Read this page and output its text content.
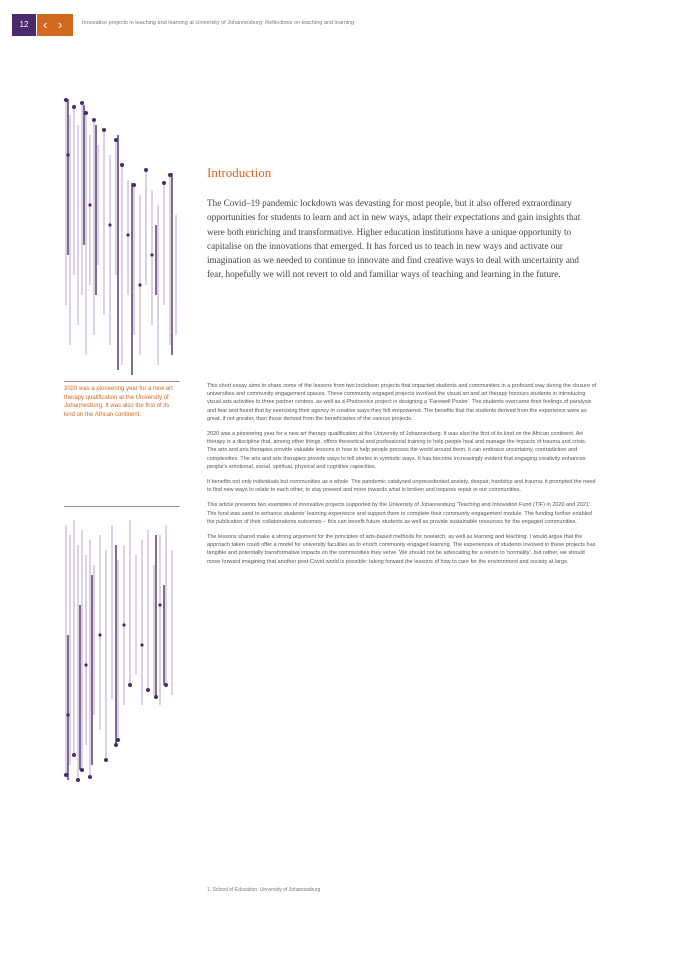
12	‹ ›	Innovative projects in teaching and learning at University of Johannesburg: Reflections on teaching and learning
2020 was a pioneering year for a new art therapy qualification at the University of Johannesburg. It was also the first of its kind on the African continent.
Introduction
The Covid–19 pandemic lockdown was devasting for most people, but it also offered extraordinary opportunities for students to learn and act in new ways, adapt their expectations and gain insights that were both enriching and transformative. Higher education institutions have a unique opportunity to capitalise on the innovations that emerged. It has forced us to teach in new ways and activate our imagination as we needed to continue to innovate and find creative ways to deal with uncertainty and fear, hopefully we will not revert to old and familiar ways of teaching and learning in the future.

This short essay aims to share some of the lessons from two lockdown projects that impacted students and communities in a profound way during the closure of universities and community engagement spaces. These community engaged projects involved the visual art and art therapy honours students in introducing visual arts activities to three partner centres, as well as a Photovoice project in designing a 'Farewell Poster'. The students overcame their feelings of paralysis and fear and found that by exercising their agency in creative ways they felt empowered. The benefits that the students derived from the experience were as great, if not greater, than those derived from the beneficiaries of the various projects.

2020 was a pioneering year for a new art therapy qualification at the University of Johannesburg. It was also the first of its kind on the African continent. Art therapy is a discipline that, among other things, offers theoretical and professional training to help people heal and manage the impacts of trauma and crisis. The arts and arts therapies provide valuable lessons in how to help people process the world around them, it can embrace uncertainty, contradiction and complexities. The arts and arts therapies provide ways to tell stories in symbolic ways. It has become increasingly evident that engaging creativity enhances people's emotional, social, spiritual, physical and cognitive capacities.

It benefits not only individuals but communities as a whole. The pandemic catalysed unprecedented anxiety, despair, hardship and trauma; it prompted the need to find new ways to relate to each other, to stay present and more towards what is broken and requires repair in our communities.

This article presents two examples of innovative projects supported by the University of Johannesburg 'Teaching and Innovation Fund (TIF) in 2020 and 2021'. The fund was used to enhance students' learning experience and support them to complete their community engagement module. The funding further enabled the publication of their collaborations outcomes – this can benefit future students as well as provide sustainable resources for the engaged communities.

The lessons shared make a strong argument for the principles of arts-based methods for research, as well as learning and teaching. I would argue that the approach taken could offer a model for university faculties as to enrich community engaged learning. The experiences of students involved in these projects has tangible and potentially transformative impacts on the communities they serve. We should not be advocating for a return to 'normality', but rather, we should move forward imagining that another post-Covid world is possible: taking forward the lessons of how to care for the environment and society at large.

1. School of Education, University of Johannesburg
